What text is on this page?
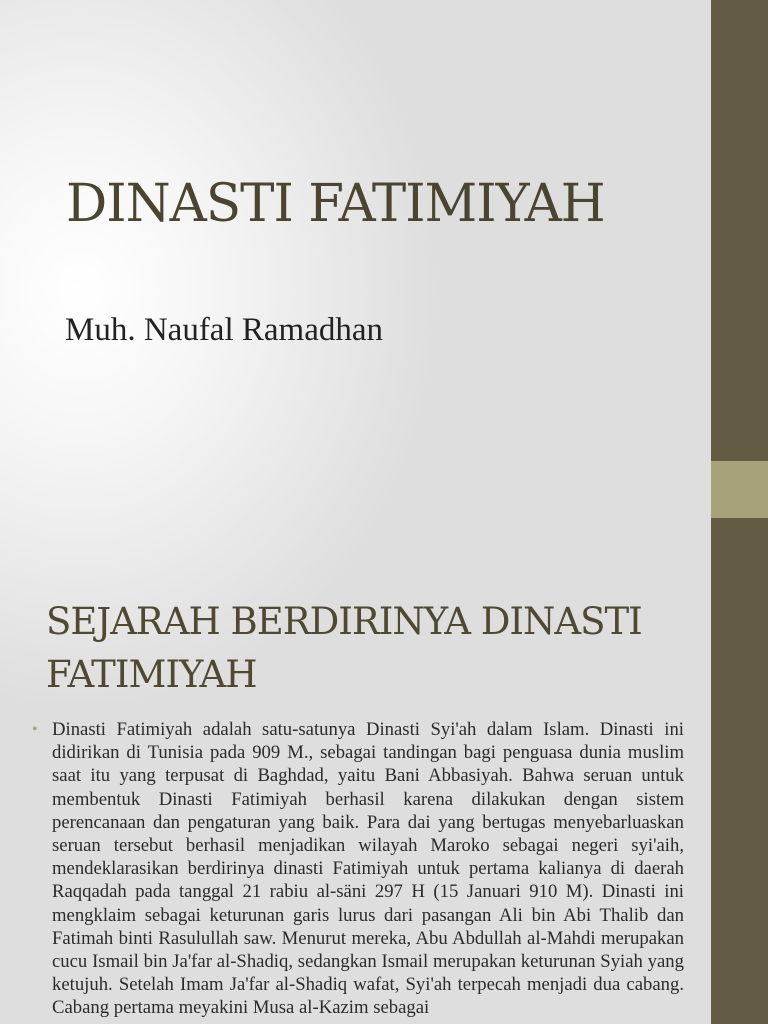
DINASTI FATIMIYAH
Muh. Naufal Ramadhan
SEJARAH BERDIRINYA DINASTI FATIMIYAH
• Dinasti Fatimiyah adalah satu-satunya Dinasti Syi'ah dalam Islam. Dinasti ini didirikan di Tunisia pada 909 M., sebagai tandingan bagi penguasa dunia muslim saat itu yang terpusat di Baghdad, yaitu Bani Abbasiyah. Bahwa seruan untuk membentuk Dinasti Fatimiyah berhasil karena dilakukan dengan sistem perencanaan dan pengaturan yang baik. Para dai yang bertugas menyebarluaskan seruan tersebut berhasil menjadikan wilayah Maroko sebagai negeri syi'aih, mendeklarasikan berdirinya dinasti Fatimiyah untuk pertama kalianya di daerah Raqqadah pada tanggal 21 rabiu al-säni 297 H (15 Januari 910 M). Dinasti ini mengklaim sebagai keturunan garis lurus dari pasangan Ali bin Abi Thalib dan Fatimah binti Rasulullah saw. Menurut mereka, Abu Abdullah al-Mahdi merupakan cucu Ismail bin Ja'far al-Shadiq, sedangkan Ismail merupakan keturunan Syiah yang ketujuh. Setelah Imam Ja'far al-Shadiq wafat, Syi'ah terpecah menjadi dua cabang. Cabang pertama meyakini Musa al-Kazim sebagai
